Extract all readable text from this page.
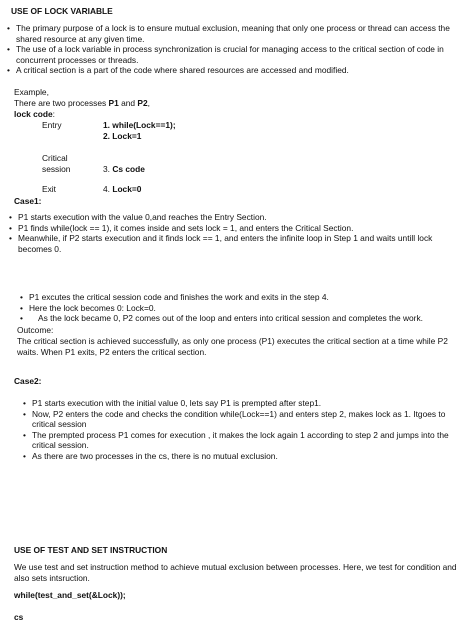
USE OF LOCK VARIABLE
• The primary purpose of a lock is to ensure mutual exclusion, meaning that only one process or thread can access the shared resource at any given time.
• The use of a lock variable in process synchronization is crucial for managing access to the critical section of code in concurrent processes or threads.
• A critical section is a part of the code where shared resources are accessed and modified.
Example,
There are two processes P1 and P2,
lock code:
Entry	1. while(Lock==1);
2. Lock=1
Critical
session	3. Cs code
Exit	4. Lock=0
Case1:
• P1 starts execution with the value 0,and reaches the Entry Section.
• P1 finds while(lock == 1), it comes inside and sets lock = 1, and enters the Critical Section.
• Meanwhile, if P2 starts execution and it finds lock == 1, and enters the infinite loop in Step 1 and waits untill lock becomes 0.
• P1 excutes the critical session code and finishes the work and exits in the step 4.
• Here the lock becomes 0: Lock=0.
• As the lock became 0, P2 comes out of the loop and enters into critical session and completes the work.
Outcome:
The critical section is achieved successfully, as only one process (P1) executes the critical section at a time while P2 waits. When P1 exits, P2 enters the critical section.
Case2:
• P1 starts execution with the initial value 0, lets say P1 is prempted after step1.
• Now, P2 enters the code and checks the condition while(Lock==1) and enters step 2, makes lock as 1. Itgoes to critical session
• The prempted process P1 comes for execution , it makes the lock again 1 according to step 2 and jumps into the critical session.
• As there are two processes in the cs, there is no mutual exclusion.
USE OF TEST AND SET INSTRUCTION
We use test and set instruction method to achieve mutual exclusion between processes. Here, we test for condition and also sets intsruction.
while(test_and_set(&Lock));
cs
